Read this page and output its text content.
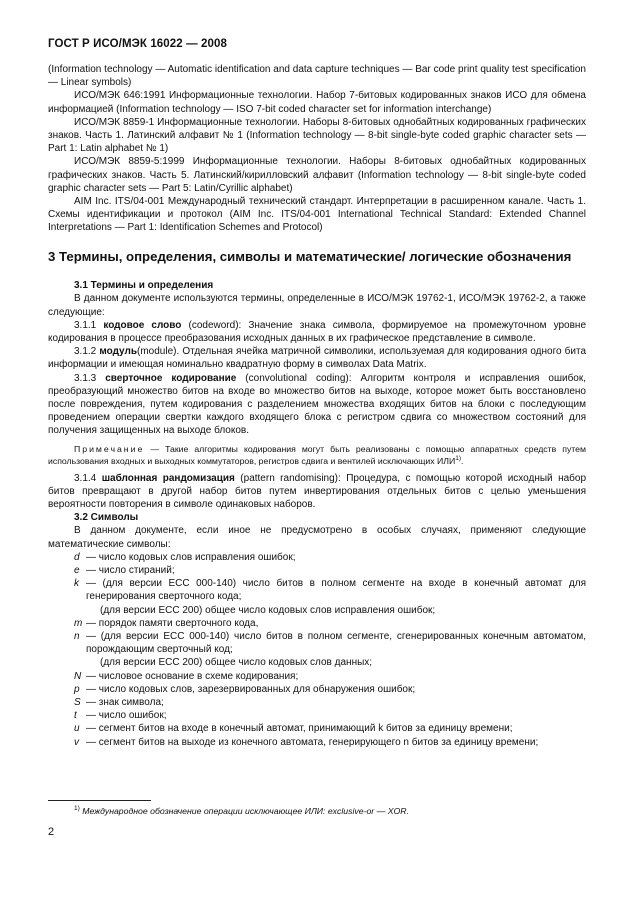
ГОСТ Р ИСО/МЭК 16022 — 2008

(Information technology — Automatic identification and data capture techniques — Bar code print quality test specification — Linear symbols)

ИСО/МЭК 646:1991 Информационные технологии. Набор 7-битовых кодированных знаков ИСО для обмена информацией (Information technology — ISO 7-bit coded character set for information interchange)

ИСО/МЭК 8859-1 Информационные технологии. Наборы 8-битовых однобайтных кодированных графических знаков. Часть 1. Латинский алфавит № 1 (Information technology — 8-bit single-byte coded graphic character sets — Part 1: Latin alphabet № 1)

ИСО/МЭК 8859-5:1999 Информационные технологии. Наборы 8-битовых однобайтных кодированных графических знаков. Часть 5. Латинский/кириллoвский алфавит (Information technology — 8-bit single-byte coded graphic character sets — Part 5: Latin/Cyrillic alphabet)

AIM Inc. ITS/04-001 Международный технический стандарт. Интерпретации в расширенном канале. Часть 1. Схемы идентификации и протокол (AIM Inc. ITS/04-001 International Technical Standard: Extended Channel Interpretations — Part 1: Identification Schemes and Protocol)

3 Термины, определения, символы и математические/ логические обозначения
3.1 Термины и определения

В данном документе используются термины, определенные в ИСО/МЭК 19762-1, ИСО/МЭК 19762-2, а также следующие:

3.1.1 кодовое слово (codeword): Значение знака символа, формируемое на промежуточном уровне кодирования в процессе преобразования исходных данных в их графическое представление в символе.

3.1.2 модуль(module). Отдельная ячейка матричной символики, используемая для кодирования одного бита информации и имеющая номинально квадратную форму в символах Data Matrix.

3.1.3 сверточное кодирование (convolutional coding): Алгоритм контроля и исправления ошибок, преобразующий множество битов на входе во множество битов на выходе, которое может быть восстановлено после повреждения, путем кодирования с разделением множества входящих битов на блоки с последующим проведением операции свертки каждого входящего блока с регистром сдвига со множеством состояний для получения защищенных на выходе блоков.

Примечание — Такие алгоритмы кодирования могут быть реализованы с помощью аппаратных средств путем использования входных и выходных коммутаторов, регистров сдвига и вентилей исключающих ИЛИ$^{1)}$.

3.1.4 шаблонная рандомизация (pattern randomising): Процедура, с помощью которой исходный набор битов превращают в другой набор битов путем инвертирования отдельных битов с целью уменьшения вероятности повторения в символе одинаковых наборов.

3.2 Символы

В данном документе, если иное не предусмотрено в особых случаях, применяют следующие математические символы:

d — число кодовых слов исправления ошибок;
e — число стираний;
k — (для версии ECC 000-140) число битов в полном сегменте на входе в конечный автомат для генерирования сверточного кода;
(для версии ECC 200) общее число кодовых слов исправления ошибок;
m — порядок памяти сверточного кода,
n — (для версии ECC 000-140) число битов в полном сегменте, сгенерированных конечным автоматом, порождающим сверточный код;
(для версии ECC 200) общее число кодовых слов данных;
N — числовое основание в схеме кодирования;
p — число кодовых слов, зарезервированных для обнаружения ошибок;
S — знак символа;
t — число ошибок;
u — сегмент битов на входе в конечный автомат, принимающий k битов за единицу времени;
v — сегмент битов на выходе из конечного автомата, генерирующего n битов за единицу времени;
$^{1)}$ Международное обозначение операции исключающее ИЛИ: exclusive-or — XOR.
2
